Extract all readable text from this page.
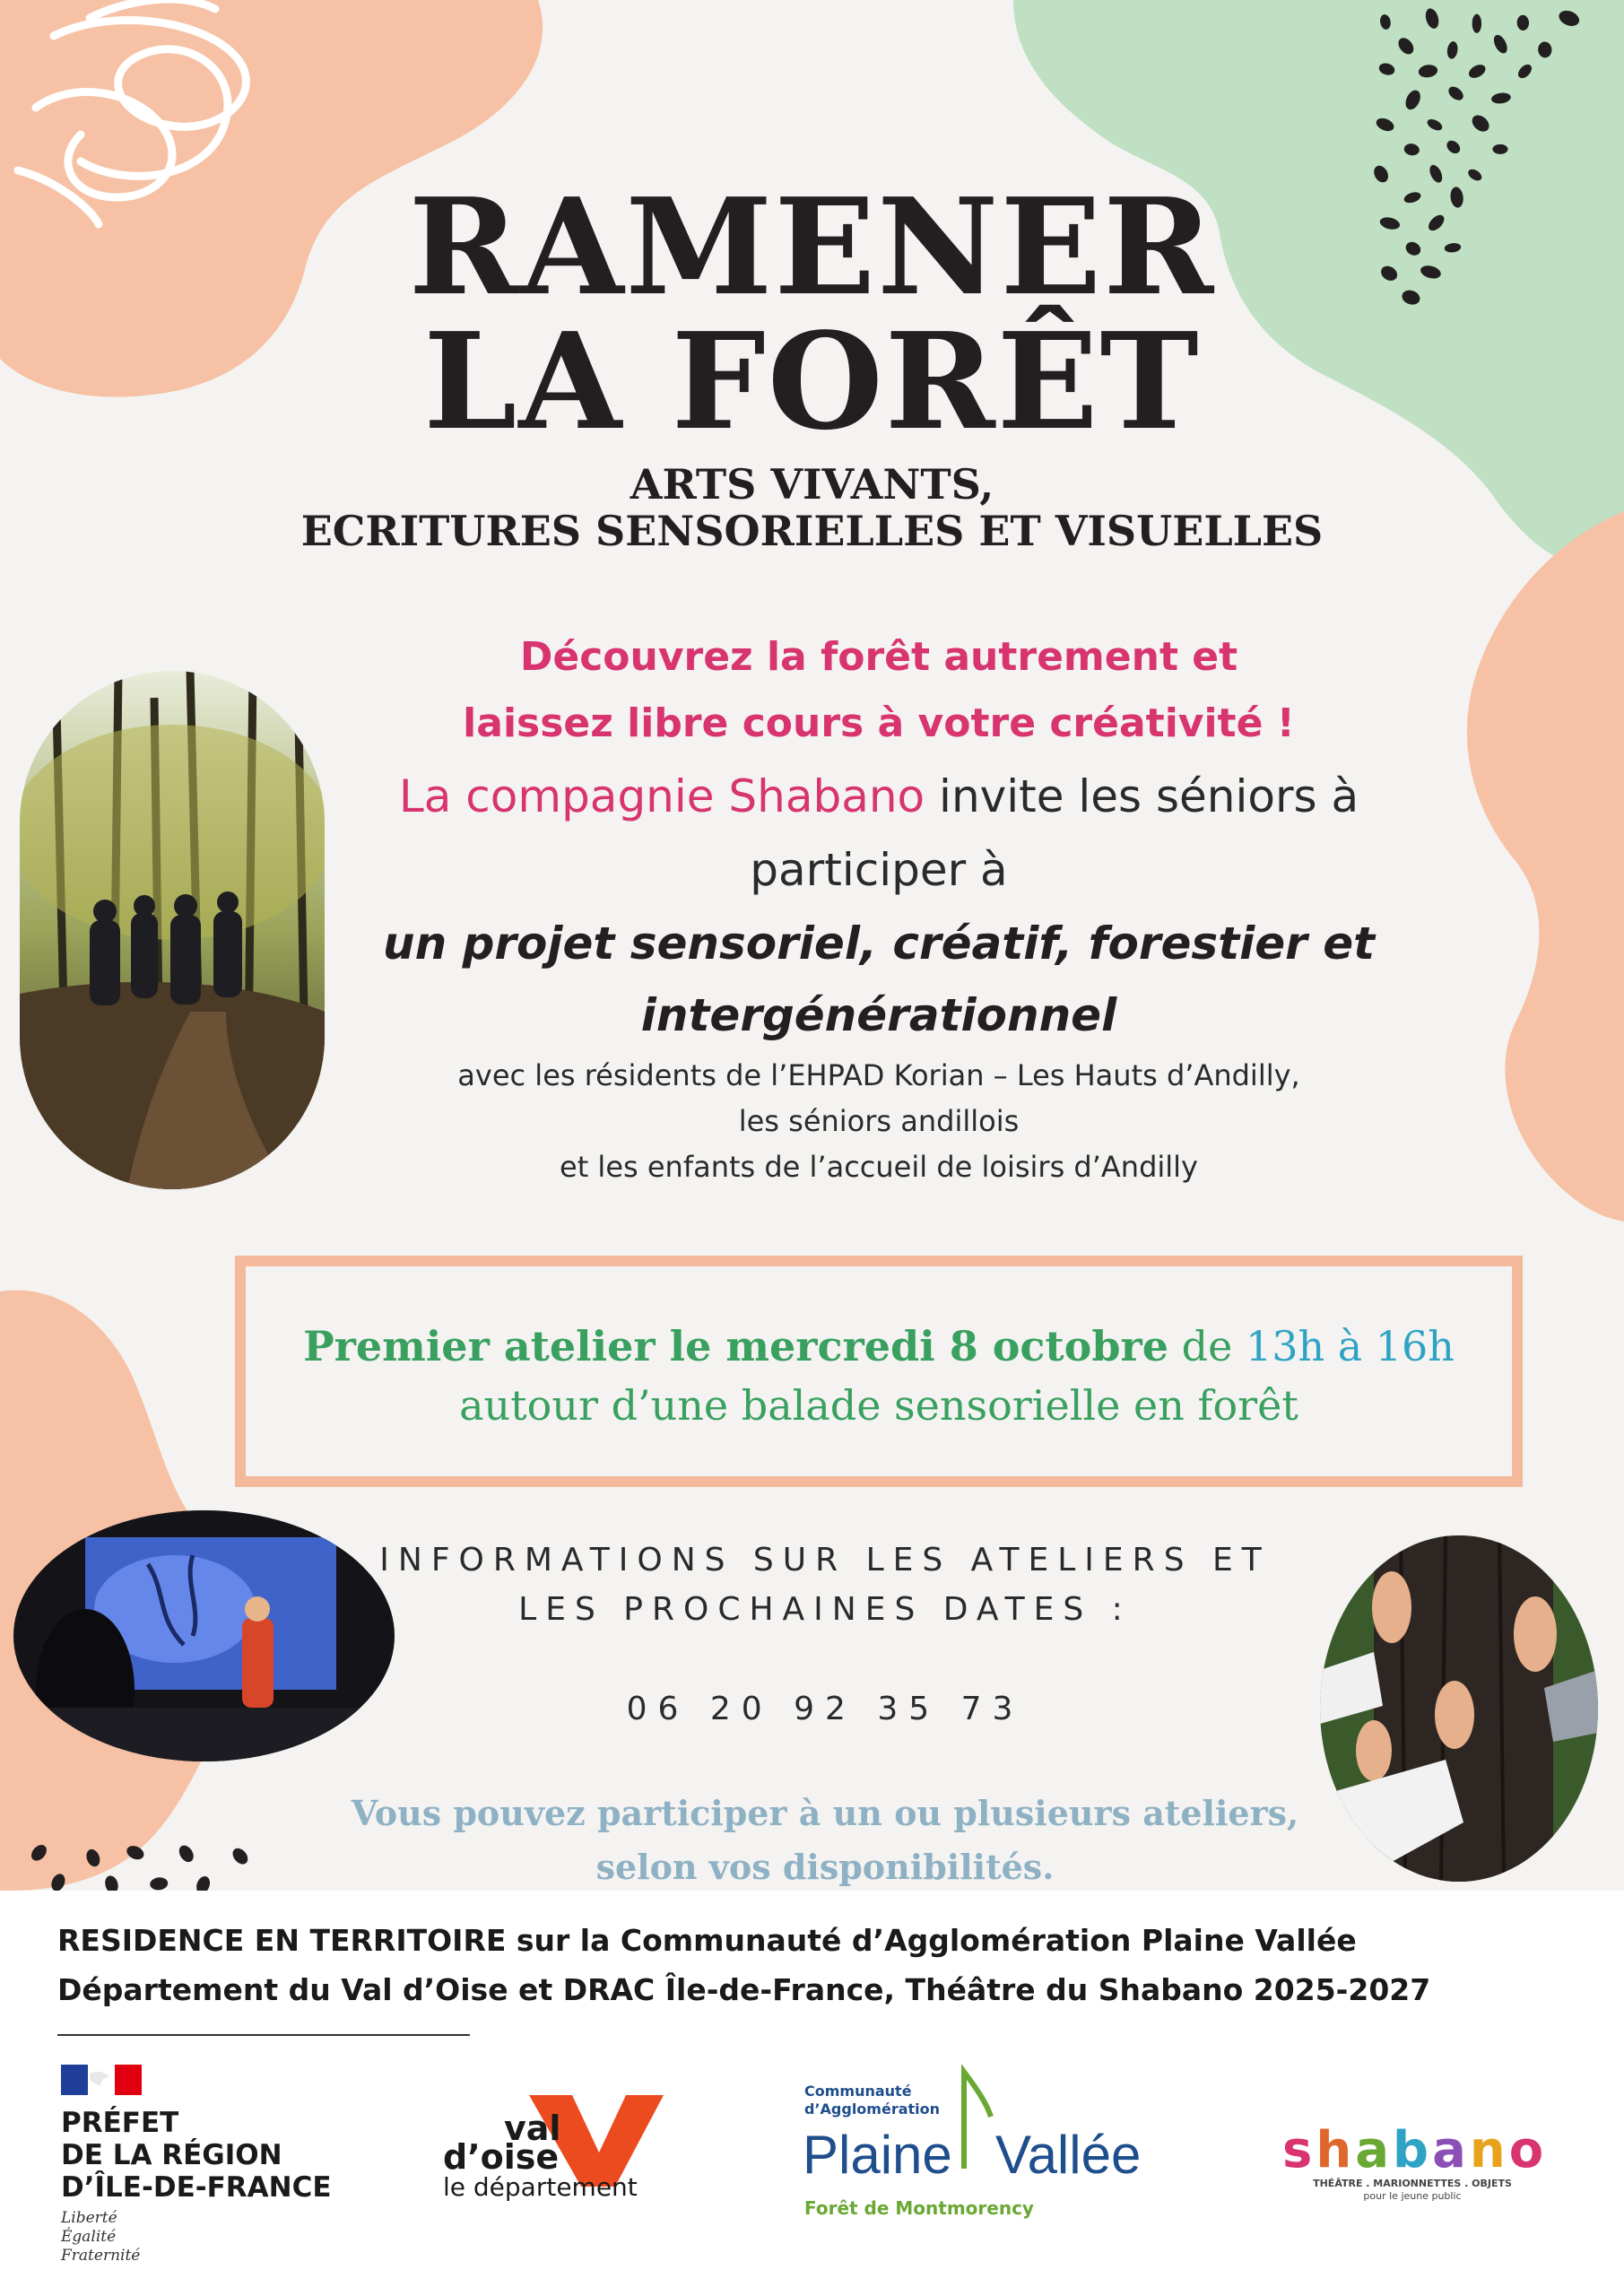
RAMENER
LA FORÊT
ARTS VIVANTS,
ECRITURES SENSORIELLES ET VISUELLES
Découvrez la forêt autrement et
laissez libre cours à votre créativité !
La compagnie Shabano invite les séniors à
participer à
un projet sensoriel, créatif, forestier et
intergénérationnel
avec les résidents de l’EHPAD Korian – Les Hauts d’Andilly,
les séniors andillois
et les enfants de l’accueil de loisirs d’Andilly
Premier atelier le mercredi 8 octobre de 13h à 16h
autour d’une balade sensorielle en forêt
INFORMATIONS SUR LES ATELIERS ET
LES PROCHAINES DATES :
06 20 92 35 73
Vous pouvez participer à un ou plusieurs ateliers,
selon vos disponibilités.
RESIDENCE EN TERRITOIRE sur la Communauté d’Agglomération Plaine Vallée
Département du Val d’Oise et DRAC Île-de-France, Théâtre du Shabano 2025-2027
PRÉFET
DE LA RÉGION
D’ÎLE-DE-FRANCE
Liberté
Égalité
Fraternité
val
d’oise
le département
Communauté
d’Agglomération
Plaine Vallée
Forêt de Montmorency
shabano
THÉÂTRE . MARIONNETTES . OBJETS
pour le jeune public
